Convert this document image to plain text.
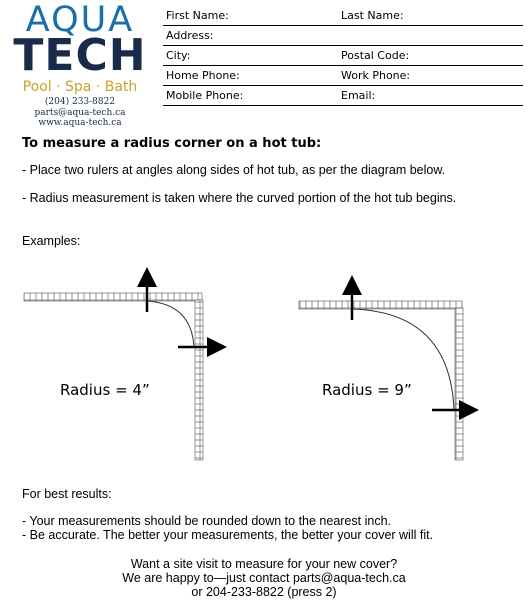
AQUA
TECH
Pool · Spa · Bath
(204) 233-8822
parts@aqua-tech.ca
www.aqua-tech.ca
First Name:	Last Name:
Address:	
City:	Postal Code:
Home Phone:	Work Phone:
Mobile Phone:	Email:
To measure a radius corner on a hot tub:
- Place two rulers at angles along sides of hot tub, as per the diagram below.
- Radius measurement is taken where the curved portion of the hot tub begins.
Examples:
Radius = 4”	Radius = 9”
For best results:
- Your measurements should be rounded down to the nearest inch.
- Be accurate. The better your measurements, the better your cover will fit.
Want a site visit to measure for your new cover?
We are happy to—just contact parts@aqua-tech.ca
or 204-233-8822 (press 2)
